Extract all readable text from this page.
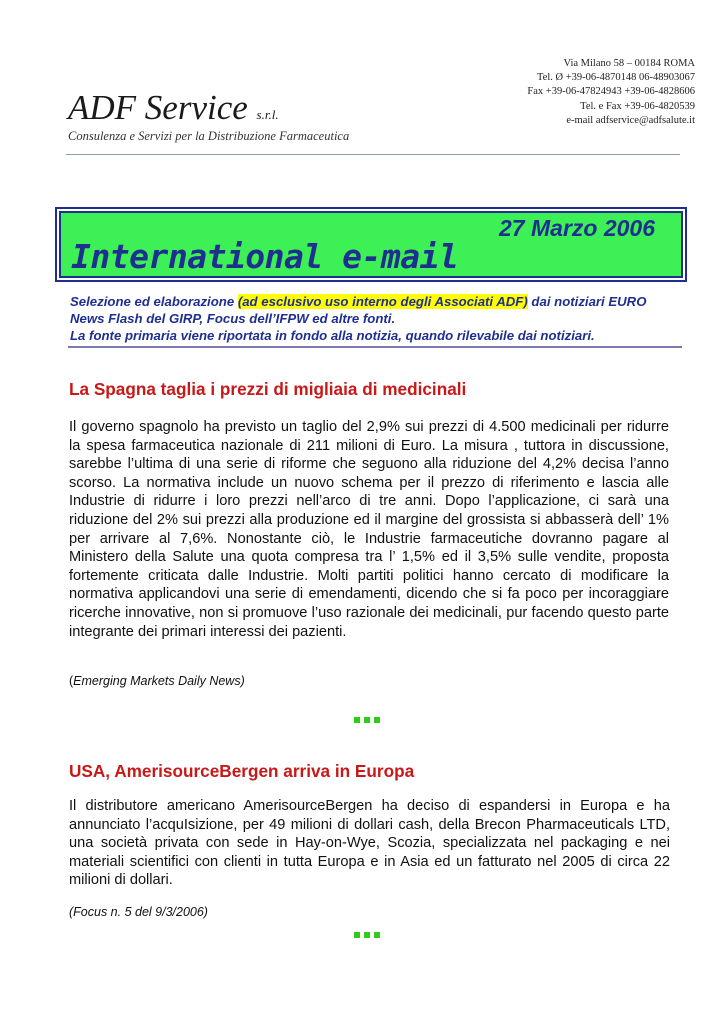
Via Milano 58 – 00184 ROMA
Tel. Ø +39-06-4870148 06-48903067
Fax +39-06-47824943 +39-06-4828606
Tel. e Fax +39-06-4820539
e-mail adfservice@adfsalute.it
ADF Service s.r.l.
Consulenza e Servizi per la Distribuzione Farmaceutica
27 Marzo 2006
International e-mail
Selezione ed elaborazione (ad esclusivo uso interno degli Associati ADF) dai notiziari EURO News Flash del GIRP, Focus dell’IFPW ed altre fonti.
La fonte primaria viene riportata in fondo alla notizia, quando rilevabile dai notiziari.
La Spagna taglia i prezzi di migliaia di medicinali
Il governo spagnolo ha previsto un taglio del 2,9% sui prezzi di 4.500 medicinali per ridurre la spesa farmaceutica nazionale di 211 milioni di Euro. La misura , tuttora in discussione, sarebbe l’ultima di una serie di riforme che seguono alla riduzione del 4,2% decisa l’anno scorso. La normativa include un nuovo schema per il prezzo di riferimento e lascia alle Industrie di ridurre i loro prezzi nell’arco di tre anni. Dopo l’applicazione, ci sarà una riduzione del 2% sui prezzi alla produzione ed il margine del grossista si abbasserà dell’ 1% per arrivare al 7,6%. Nonostante ciò, le Industrie farmaceutiche dovranno pagare al Ministero della Salute una quota compresa tra l’ 1,5% ed il 3,5% sulle vendite, proposta fortemente criticata dalle Industrie. Molti partiti politici hanno cercato di modificare la normativa applicandovi una serie di emendamenti, dicendo che si fa poco per incoraggiare ricerche innovative, non si promuove l’uso razionale dei medicinali, pur facendo questo parte integrante dei primari interessi dei pazienti.
(Emerging Markets Daily News)
USA, AmerisourceBergen arriva in Europa
Il distributore americano AmerisourceBergen ha deciso di espandersi in Europa e ha annunciato l’acquIsizione, per 49 milioni di dollari cash, della Brecon Pharmaceuticals LTD, una società privata con sede in Hay-on-Wye, Scozia, specializzata nel packaging e nei materiali scientifici con clienti in tutta Europa e in Asia ed un fatturato nel 2005 di circa 22 milioni di dollari.
(Focus n. 5 del 9/3/2006)
